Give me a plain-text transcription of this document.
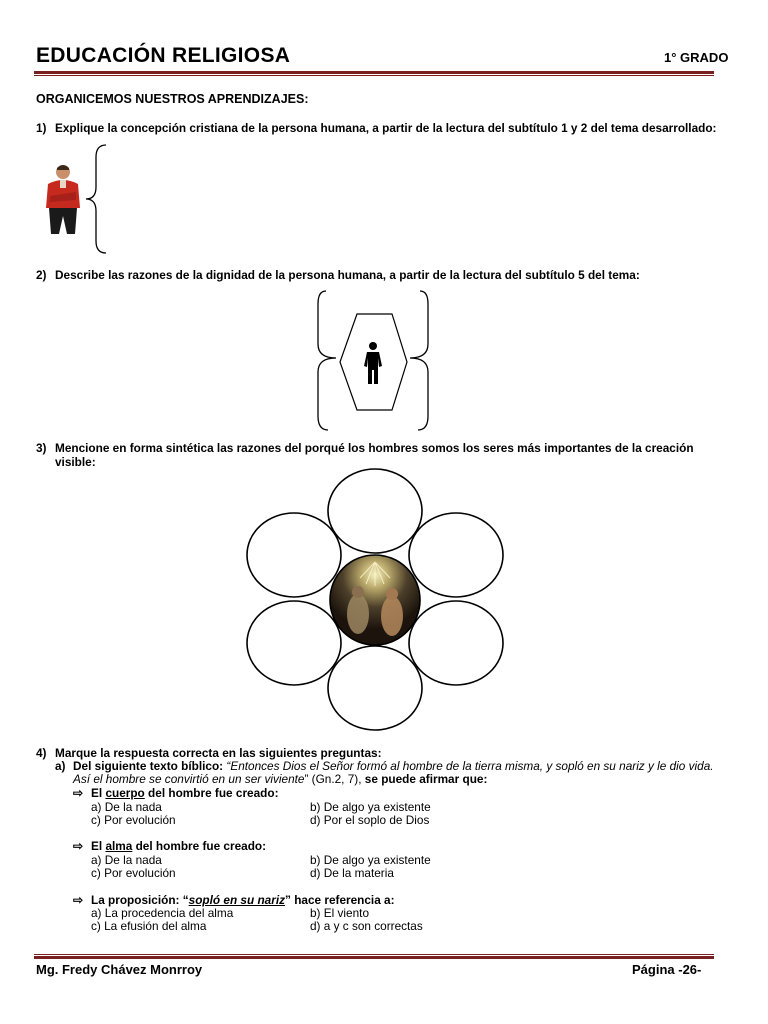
EDUCACIÓN RELIGIOSA	1° GRADO
ORGANICEMOS NUESTROS APRENDIZAJES:
1) Explique la concepción cristiana de la persona humana, a partir de la lectura del subtítulo 1 y 2 del tema desarrollado:
2) Describe las razones de la dignidad de la persona humana, a partir de la lectura del subtítulo 5 del tema:
3) Mencione en forma sintética las razones del porqué los hombres somos los seres más importantes de la creación
visible:
4) Marque la respuesta correcta en las siguientes preguntas:
a) Del siguiente texto bíblico: “Entonces Dios el Señor formó al hombre de la tierra misma, y sopló en su nariz y le dio vida.
Así el hombre se convirtió en un ser viviente” (Gn.2, 7), se puede afirmar que:
⇨ El cuerpo del hombre fue creado:
a) De la nada	b) De algo ya existente
c) Por evolución	d) Por el soplo de Dios
⇨ El alma del hombre fue creado:
a) De la nada	b) De algo ya existente
c) Por evolución	d) De la materia
⇨ La proposición: “sopló en su nariz” hace referencia a:
a) La procedencia del alma	b) El viento
c) La efusión del alma	d) a y c son correctas
Mg. Fredy Chávez Monrroy	Página -26-
